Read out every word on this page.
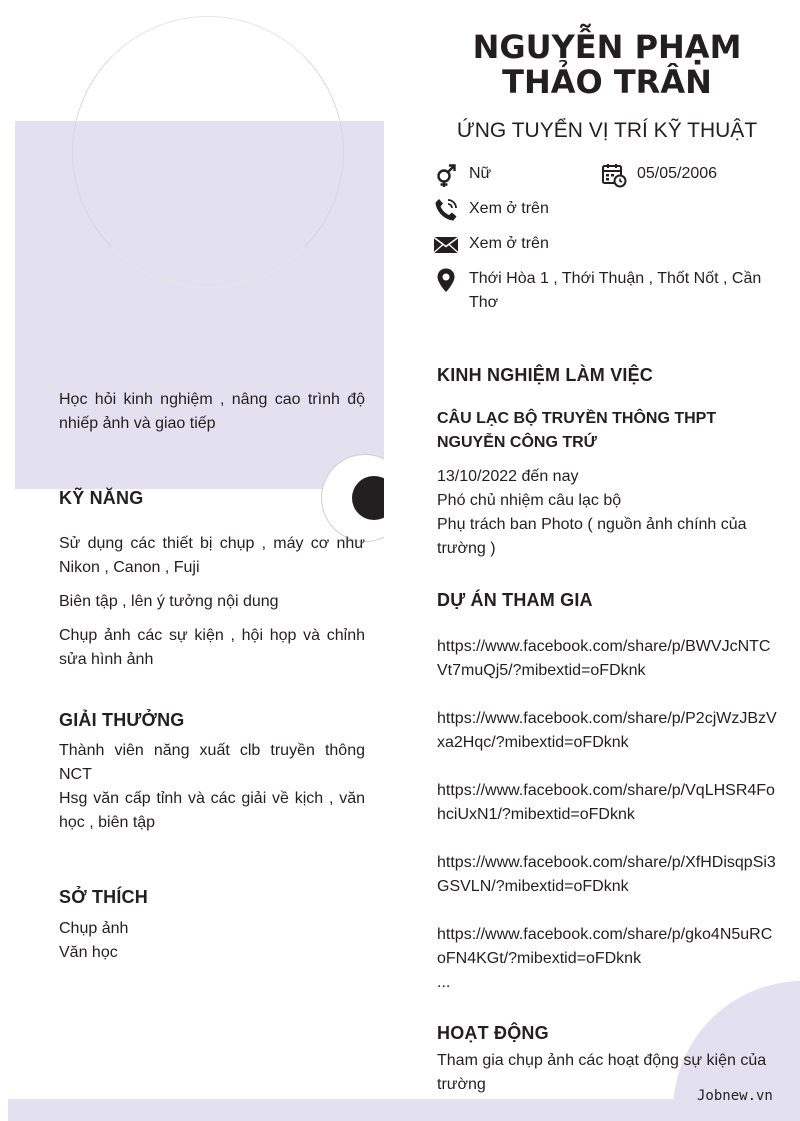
Jobnew.vn
NGUYỄN PHẠM THẢO TRÂN
ỨNG TUYỂN VỊ TRÍ KỸ THUẬT
Nữ	05/05/2006
Xem ở trên
Xem ở trên
Thới Hòa 1 , Thới Thuận , Thốt Nốt , Cần Thơ
Học hỏi kinh nghiệm , nâng cao trình độ nhiếp ảnh và giao tiếp
KỸ NĂNG
Sử dụng các thiết bị chụp , máy cơ như Nikon , Canon , Fuji
Biên tập , lên ý tưởng nội dung
Chụp ảnh các sự kiện , hội họp và chỉnh sửa hình ảnh
GIẢI THƯỞNG
Thành viên năng xuất clb truyền thông NCT
Hsg văn cấp tỉnh và các giải về kịch , văn học , biên tập
SỞ THÍCH
Chụp ảnh
Văn học
KINH NGHIỆM LÀM VIỆC
CÂU LẠC BỘ TRUYỀN THÔNG THPT NGUYỄN CÔNG TRỨ
13/10/2022 đến nay
Phó chủ nhiệm câu lạc bộ
Phụ trách ban Photo ( nguồn ảnh chính của trường )
DỰ ÁN THAM GIA
https://www.facebook.com/share/p/BWVJcNTCVt7muQj5/?mibextid=oFDknk
https://www.facebook.com/share/p/P2cjWzJBzVxa2Hqc/?mibextid=oFDknk
https://www.facebook.com/share/p/VqLHSR4FohciUxN1/?mibextid=oFDknk
https://www.facebook.com/share/p/XfHDisqpSi3GSVLN/?mibextid=oFDknk
https://www.facebook.com/share/p/gko4N5uRCoFN4KGt/?mibextid=oFDknk
...
HOẠT ĐỘNG
Tham gia chụp ảnh các hoạt động sự kiện của trường
